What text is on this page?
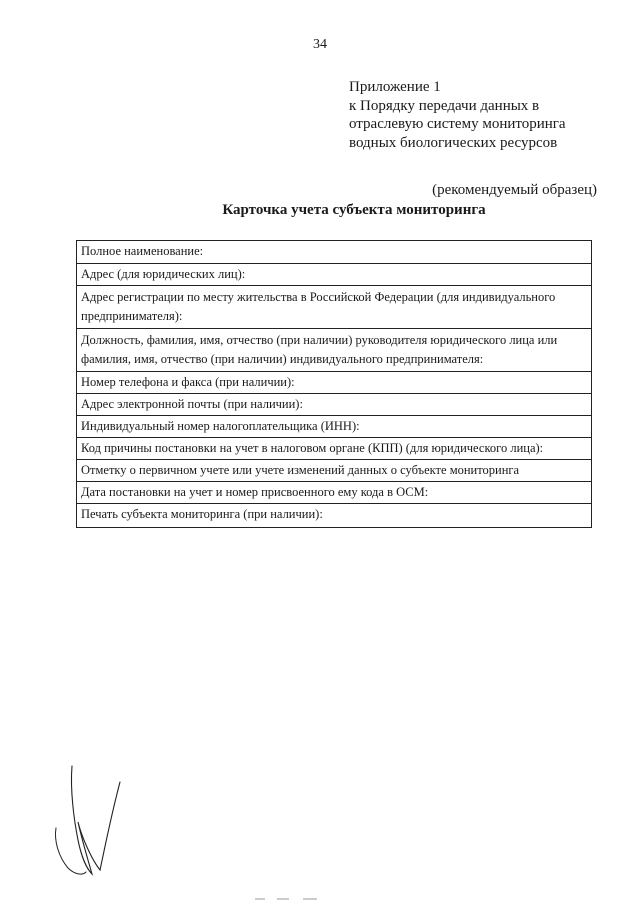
34
Приложение 1
к Порядку передачи данных в
отраслевую систему мониторинга
водных биологических ресурсов
(рекомендуемый образец)
Карточка учета субъекта мониторинга
Полное наименование:
Адрес (для юридических лиц):
Адрес регистрации по месту жительства в Российской Федерации (для индивидуального предпринимателя):
Должность, фамилия, имя, отчество (при наличии) руководителя юридического лица или фамилия, имя, отчество (при наличии) индивидуального предпринимателя:
Номер телефона и факса (при наличии):
Адрес электронной почты (при наличии):
Индивидуальный номер налогоплательщика (ИНН):
Код причины постановки на учет в налоговом органе (КПП) (для юридического лица):
Отметку о первичном учете или учете изменений данных о субъекте мониторинга
Дата постановки на учет и номер присвоенного ему кода в ОСМ:
Печать субъекта мониторинга (при наличии):
